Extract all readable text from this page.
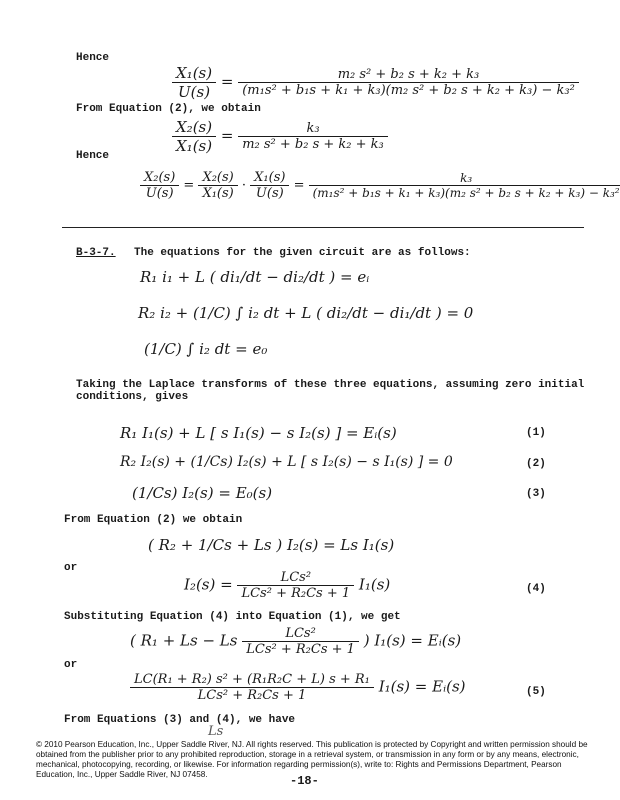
Hence
$\frac{\text{X₁(s)}}{U(s)} = \frac{\text{m₂ s² + b₂ s + k₂ + k₃}}{\text{(m₁s² + b₁s + k₁ + k₃)(m₂ s² + b₂ s + k₂ + k₃) − k₃²}}$
From Equation (2), we obtain
$\frac{\text{X₂(s)}}{\text{X₁(s)}} = \frac{\text{k₃}}{\text{m₂ s² + b₂ s + k₂ + k₃}}$
Hence
$\frac{\text{X₂(s)}}{U(s)} = \frac{\text{X₂(s)}}{\text{X₁(s)}} \cdot \frac{\text{X₁(s)}}{U(s)} = \frac{\text{k₃}}{\text{(m₁s² + b₁s + k₁ + k₃)(m₂ s² + b₂ s + k₂ + k₃) − k₃²}}$
B-3-7. The equations for the given circuit are as follows:
R₁ i₁ + L ( di₁/dt − di₂/dt ) = eᵢ
R₂ i₂ + (1/C) ∫ i₂ dt + L ( di₂/dt − di₁/dt ) = 0
(1/C) ∫ i₂ dt = e₀
Taking the Laplace transforms of these three equations, assuming zero initial
conditions, gives
R₁ I₁(s) + L [ s I₁(s) − s I₂(s) ] = Eᵢ(s)	(1)
R₂ I₂(s) + (1/Cs) I₂(s) + L [ s I₂(s) − s I₁(s) ] = 0	(2)
(1/Cs) I₂(s) = E₀(s)	(3)
From Equation (2) we obtain
( R₂ + 1/Cs + Ls ) I₂(s) = Ls I₁(s)
or
$I_2(s) = \frac{\text{LCs²}}{\text{LCs² + R₂Cs + 1}} I_1(s)$	(4)
Substituting Equation (4) into Equation (1), we get
( R₁ + Ls − Ls $\frac{\text{LCs²}}{\text{LCs² + R₂Cs + 1}}$ ) I₁(s) = Eᵢ(s)
or
$\frac{\text{LC(R₁ + R₂) s² + (R₁R₂C + L) s + R₁}}{\text{LCs² + R₂Cs + 1}} I_1(s)$ = Eᵢ(s)	(5)
From Equations (3) and (4), we have
Ls
© 2010 Pearson Education, Inc., Upper Saddle River, NJ. All rights reserved. This publication is protected by Copyright and written permission should be obtained from the publisher prior to any prohibited reproduction, storage in a retrieval system, or transmission in any form or by any means, electronic, mechanical, photocopying, recording, or likewise. For information regarding permission(s), write to: Rights and Permissions Department, Pearson Education, Inc., Upper Saddle River, NJ 07458.	-18-
